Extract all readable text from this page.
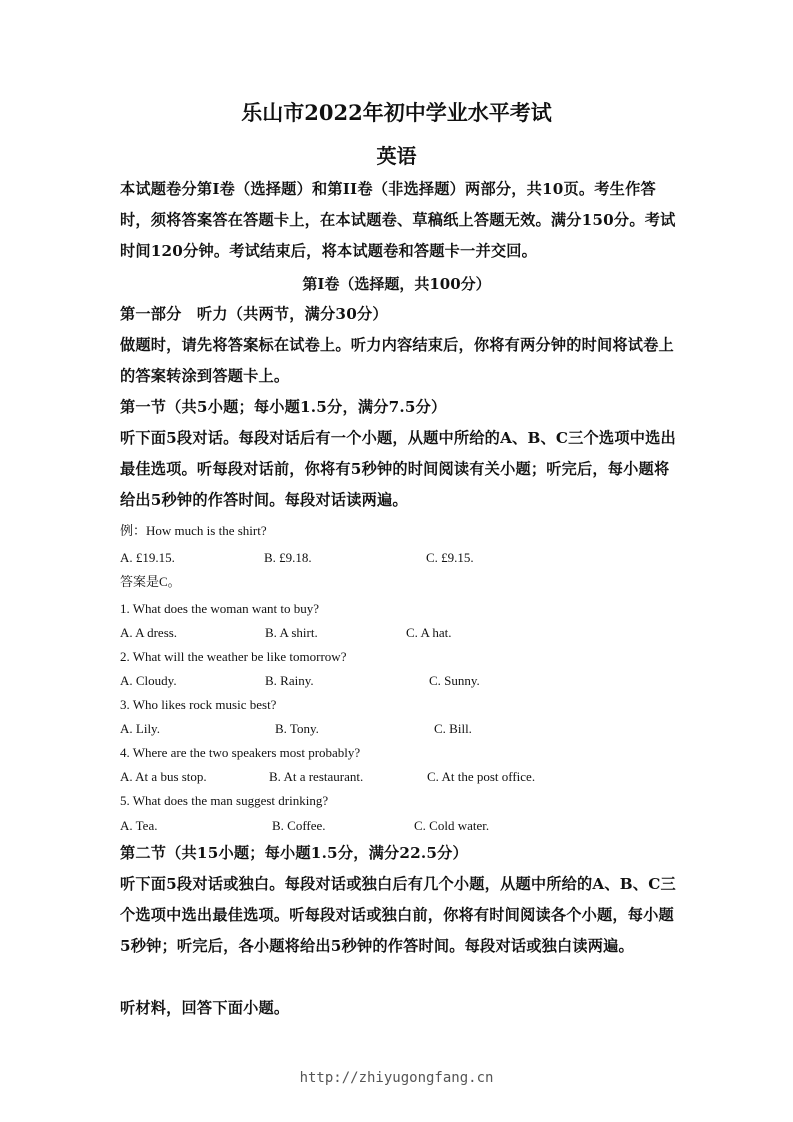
乐山市2022年初中学业水平考试
英语
本试题卷分第I卷（选择题）和第II卷（非选择题）两部分，共10页。考生作答时，须将答案答在答题卡上，在本试题卷、草稿纸上答题无效。满分150分。考试时间120分钟。考试结束后，将本试题卷和答题卡一并交回。
第I卷（选择题，共100分）
第一部分　听力（共两节，满分30分）
做题时，请先将答案标在试卷上。听力内容结束后，你将有两分钟的时间将试卷上的答案转涂到答题卡上。
第一节（共5小题；每小题1.5分，满分7.5分）
听下面5段对话。每段对话后有一个小题，从题中所给的A、B、C三个选项中选出最佳选项。听每段对话前，你将有5秒钟的时间阅读有关小题；听完后，每小题将给出5秒钟的作答时间。每段对话读两遍。
例：How much is the shirt?
A. £19.15.	B. £9.18.	C. £9.15.
答案是C。
1. What does the woman want to buy?
A. A dress.	B. A shirt.	C. A hat.
2. What will the weather be like tomorrow?
A. Cloudy.	B. Rainy.	C. Sunny.
3. Who likes rock music best?
A. Lily.	B. Tony.	C. Bill.
4. Where are the two speakers most probably?
A. At a bus stop.	B. At a restaurant.	C. At the post office.
5. What does the man suggest drinking?
A. Tea.	B. Coffee.	C. Cold water.
第二节（共15小题；每小题1.5分，满分22.5分）
听下面5段对话或独白。每段对话或独白后有几个小题，从题中所给的A、B、C三个选项中选出最佳选项。听每段对话或独白前，你将有时间阅读各个小题，每小题5秒钟；听完后，各小题将给出5秒钟的作答时间。每段对话或独白读两遍。
听材料，回答下面小题。
http://zhiyugongfang.cn
